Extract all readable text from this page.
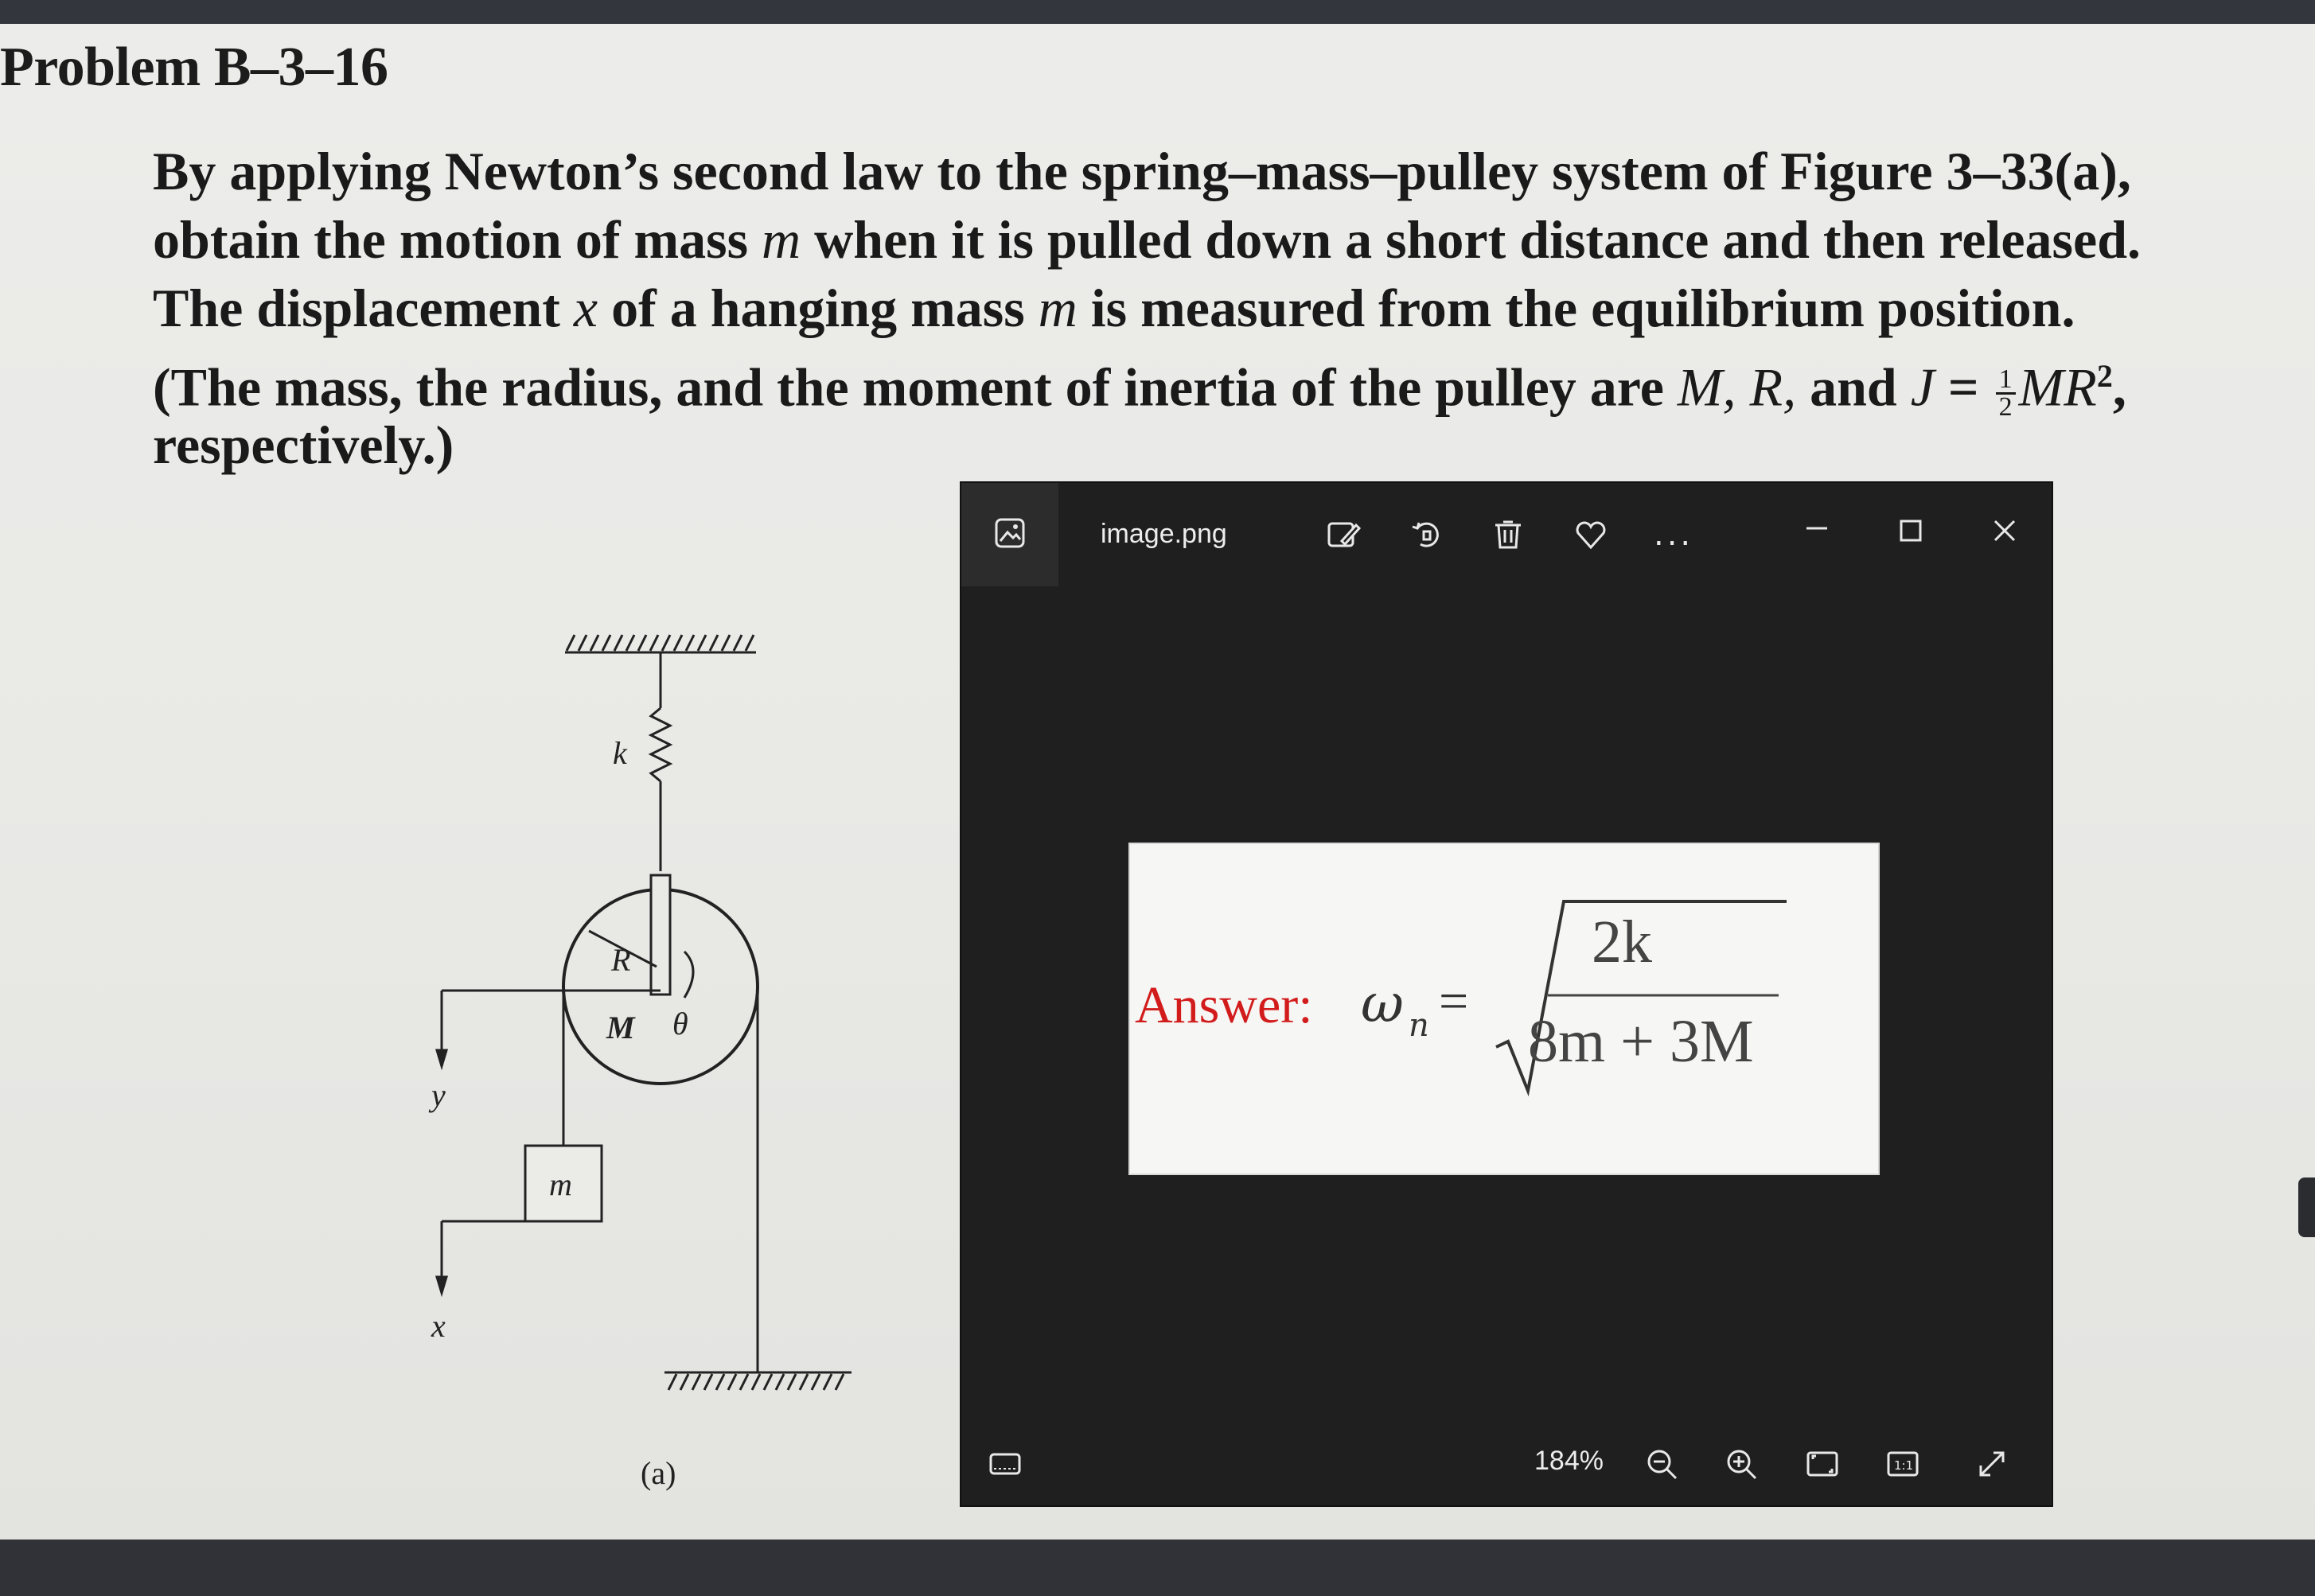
Problem B–3–16

By applying Newton’s second law to the spring–mass–pulley system of Figure 3–33(a),

obtain the motion of mass m when it is pulled down a short distance and then released.

The displacement x of a hanging mass m is measured from the equilibrium position.

(The mass, the radius, and the moment of inertia of the pulley are M, R, and $J = \frac{1}{2} MR^2$,

respectively.)

k
R
M θ
m
y
x
(a)
image.png	...
Answer: ω n =
2k
8m + 3M
184%	1:1
